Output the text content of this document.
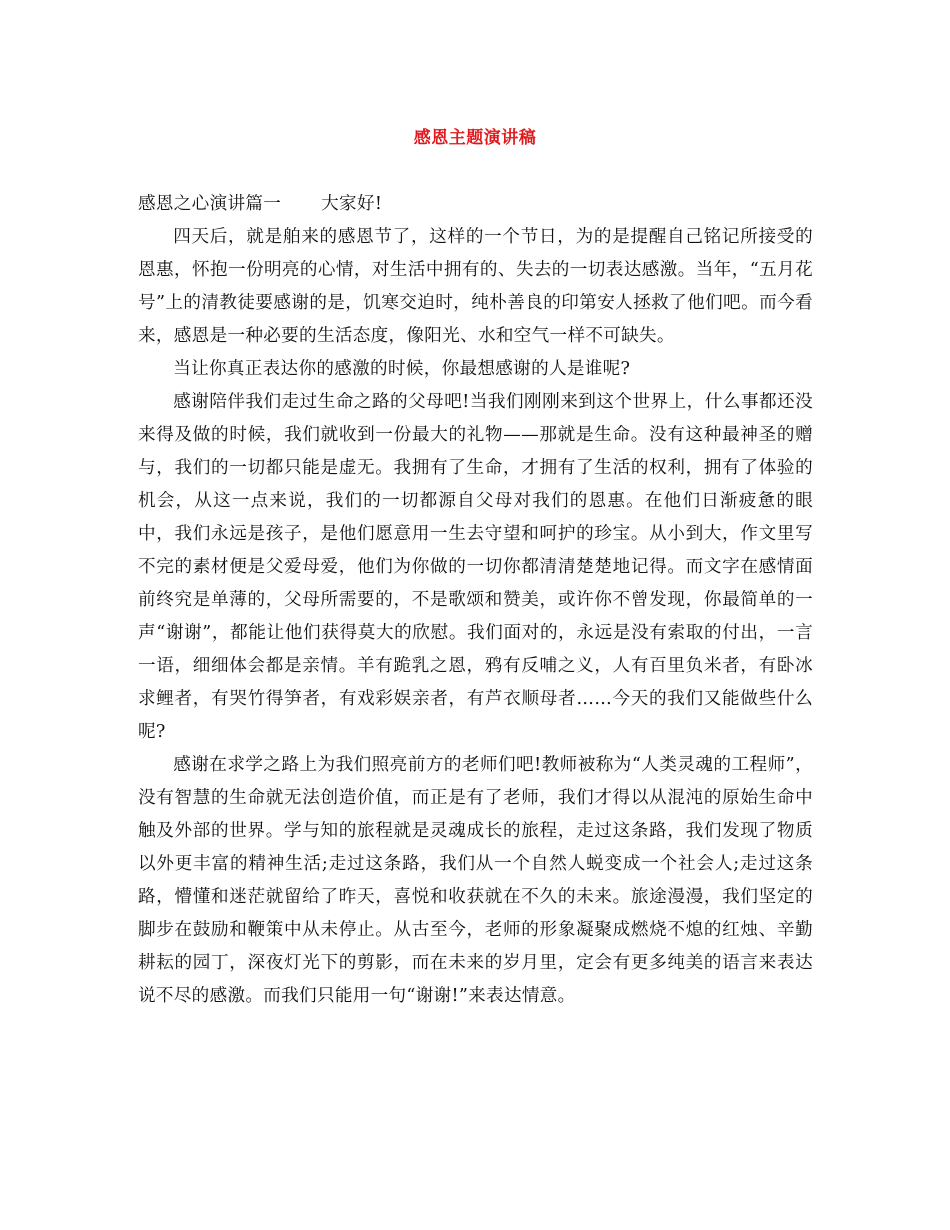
感恩主题演讲稿

感恩之心演讲篇一 大家好!

四天后，就是舶来的感恩节了，这样的一个节日，为的是提醒自己铭记所接受的恩惠，怀抱一份明亮的心情，对生活中拥有的、失去的一切表达感激。当年，“五月花号”上的清教徒要感谢的是，饥寒交迫时，纯朴善良的印第安人拯救了他们吧。而今看来，感恩是一种必要的生活态度，像阳光、水和空气一样不可缺失。

当让你真正表达你的感激的时候，你最想感谢的人是谁呢?

感谢陪伴我们走过生命之路的父母吧!当我们刚刚来到这个世界上，什么事都还没来得及做的时候，我们就收到一份最大的礼物——那就是生命。没有这种最神圣的赠与，我们的一切都只能是虚无。我拥有了生命，才拥有了生活的权利，拥有了体验的机会，从这一点来说，我们的一切都源自父母对我们的恩惠。在他们日渐疲惫的眼中，我们永远是孩子，是他们愿意用一生去守望和呵护的珍宝。从小到大，作文里写不完的素材便是父爱母爱，他们为你做的一切你都清清楚楚地记得。而文字在感情面前终究是单薄的，父母所需要的，不是歌颂和赞美，或许你不曾发现，你最简单的一声“谢谢”，都能让他们获得莫大的欣慰。我们面对的，永远是没有索取的付出，一言一语，细细体会都是亲情。羊有跪乳之恩，鸦有反哺之义，人有百里负米者，有卧冰求鲤者，有哭竹得笋者，有戏彩娱亲者，有芦衣顺母者……今天的我们又能做些什么呢?

感谢在求学之路上为我们照亮前方的老师们吧!教师被称为“人类灵魂的工程师”，没有智慧的生命就无法创造价值，而正是有了老师，我们才得以从混沌的原始生命中触及外部的世界。学与知的旅程就是灵魂成长的旅程，走过这条路，我们发现了物质以外更丰富的精神生活;走过这条路，我们从一个自然人蜕变成一个社会人;走过这条路，懵懂和迷茫就留给了昨天，喜悦和收获就在不久的未来。旅途漫漫，我们坚定的脚步在鼓励和鞭策中从未停止。从古至今，老师的形象凝聚成燃烧不熄的红烛、辛勤耕耘的园丁，深夜灯光下的剪影，而在未来的岁月里，定会有更多纯美的语言来表达说不尽的感激。而我们只能用一句“谢谢!”来表达情意。
